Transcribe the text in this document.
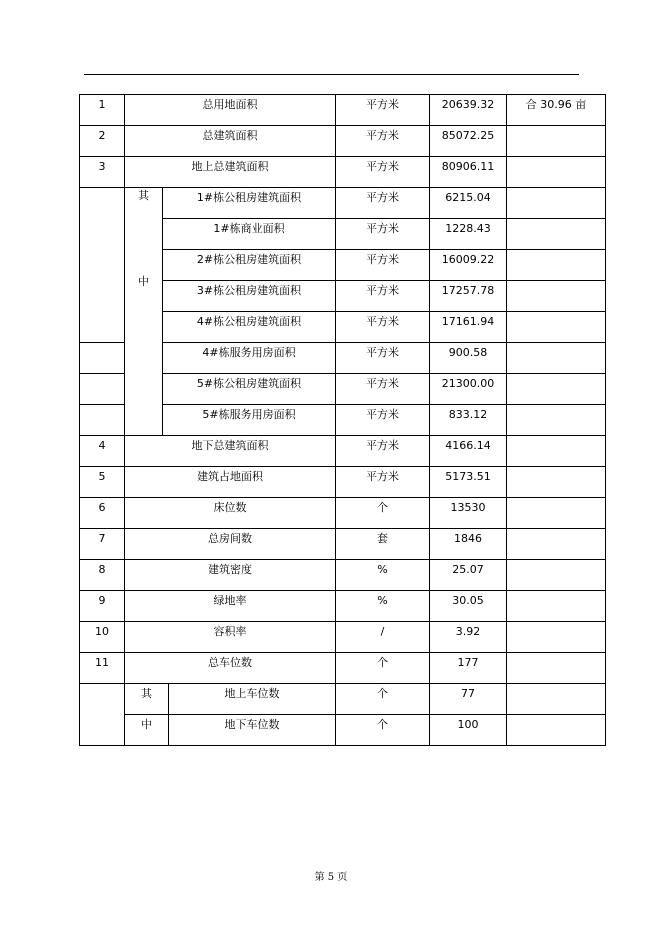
1	总用地面积			平方米	20639.32	合 30.96 亩

2	总建筑面积			平方米	85072.25	

3	地上总建筑面积			平方米	80906.11	

	其
中	1#栋公租房建筑面积		平方米	6215.04	

		1#栋商业面积		平方米	1228.43	

		2#栋公租房建筑面积		平方米	16009.22	

		3#栋公租房建筑面积		平方米	17257.78	

		4#栋公租房建筑面积		平方米	17161.94	

		4#栋服务用房面积		平方米	900.58	

		5#栋公租房建筑面积		平方米	21300.00	

		5#栋服务用房面积		平方米	833.12	

4	地下总建筑面积			平方米	4166.14	

5	建筑占地面积			平方米	5173.51	

6	床位数			个	13530	

7	总房间数			套	1846	

8	建筑密度			%	25.07	

9	绿地率			%	30.05	

10	容积率			/	3.92	

11	总车位数			个	177	

	其		地上车位数	个	77	

	中		地下车位数	个	100	

第 5 页
